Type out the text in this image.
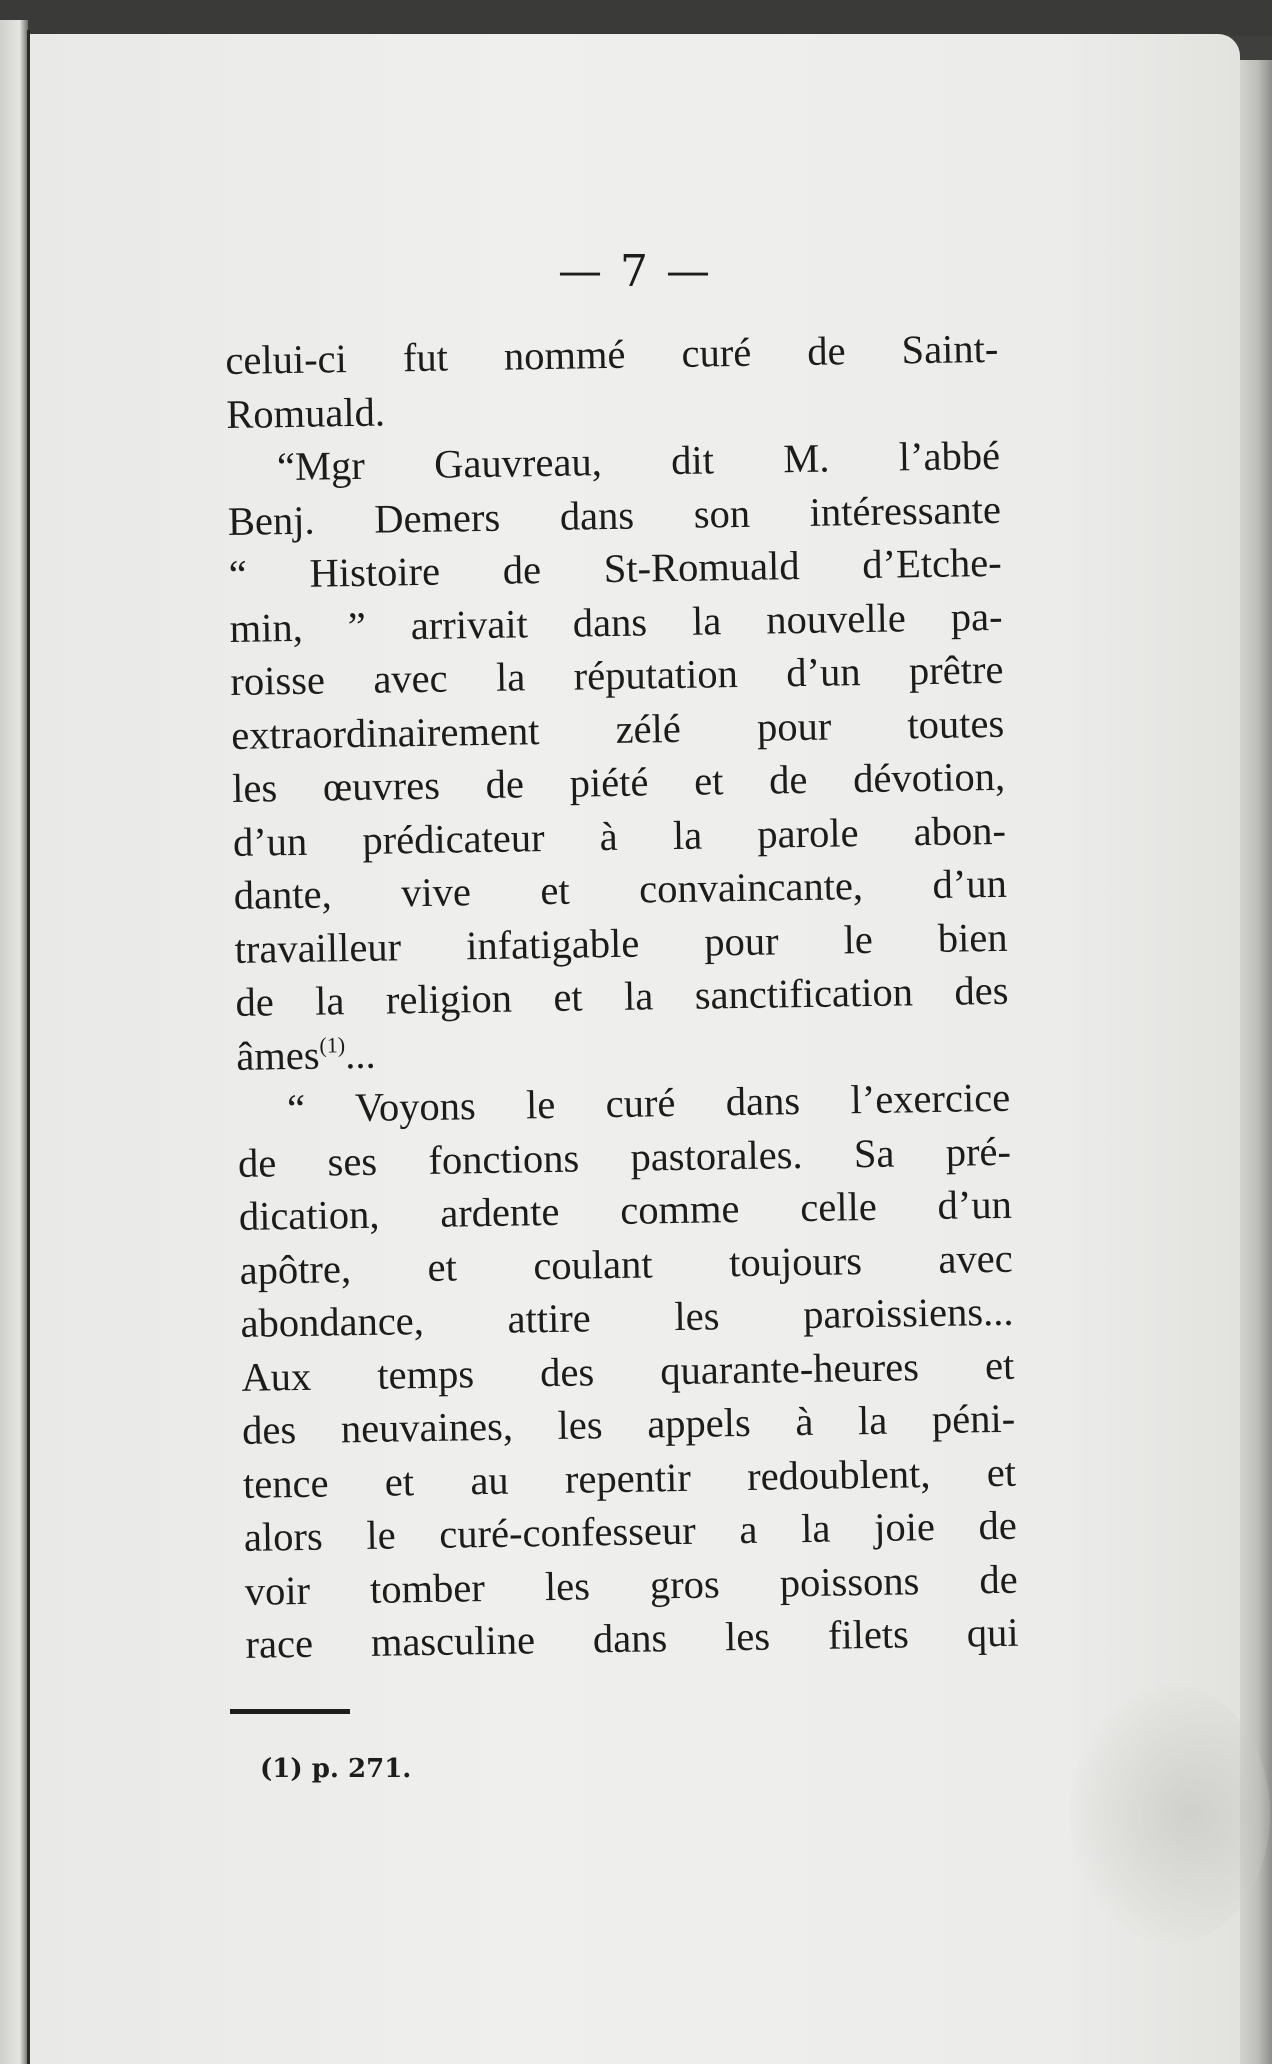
— 7 —

celui-ci fut nommé curé de Saint-
Romuald.

“Mgr Gauvreau, dit M. l’abbé
Benj. Demers dans son intéressante
“ Histoire de St-Romuald d’Etche-
min, ” arrivait dans la nouvelle pa-
roisse avec la réputation d’un prêtre
extraordinairement zélé pour toutes
les œuvres de piété et de dévotion,
d’un prédicateur à la parole abon-
dante, vive et convaincante, d’un
travailleur infatigable pour le bien
de la religion et la sanctification des
âmes$^{(1)}$...

“ Voyons le curé dans l’exercice
de ses fonctions pastorales. Sa pré-
dication, ardente comme celle d’un
apôtre, et coulant toujours avec
abondance, attire les paroissiens...
Aux temps des quarante-heures et
des neuvaines, les appels à la péni-
tence et au repentir redoublent, et
alors le curé-confesseur a la joie de
voir tomber les gros poissons de
race masculine dans les filets qui

(1) p. 271.
